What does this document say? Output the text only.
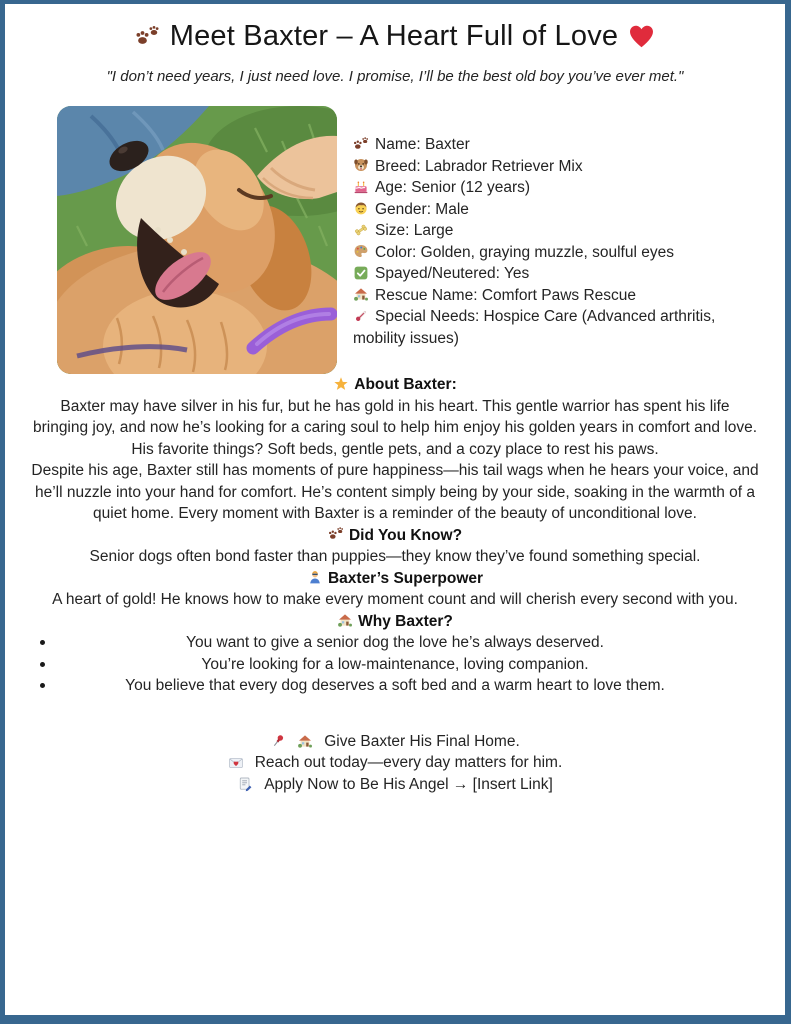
Meet Baxter – A Heart Full of Love

"I don’t need years, I just need love. I promise, I’ll be the best old boy you’ve ever met."

Name: Baxter
Breed: Labrador Retriever Mix
Age: Senior (12 years)
Gender: Male
Size: Large
Color: Golden, graying muzzle, soulful eyes
Spayed/Neutered: Yes
Rescue Name: Comfort Paws Rescue
Special Needs: Hospice Care (Advanced arthritis, mobility issues)
About Baxter:

Baxter may have silver in his fur, but he has gold in his heart. This gentle warrior has spent his life bringing joy, and now he’s looking for a caring soul to help him enjoy his golden years in comfort and love. His favorite things? Soft beds, gentle pets, and a cozy place to rest his paws.

Despite his age, Baxter still has moments of pure happiness—his tail wags when he hears your voice, and he’ll nuzzle into your hand for comfort. He’s content simply being by your side, soaking in the warmth of a quiet home. Every moment with Baxter is a reminder of the beauty of unconditional love.

Did You Know?

Senior dogs often bond faster than puppies—they know they’ve found something special.

Baxter’s Superpower

A heart of gold! He knows how to make every moment count and will cherish every second with you.

Why Baxter?
You want to give a senior dog the love he’s always deserved.
You’re looking for a low-maintenance, loving companion.
You believe that every dog deserves a soft bed and a warm heart to love them.
Give Baxter His Final Home.
Reach out today—every day matters for him.
Apply Now to Be His Angel → [Insert Link]
